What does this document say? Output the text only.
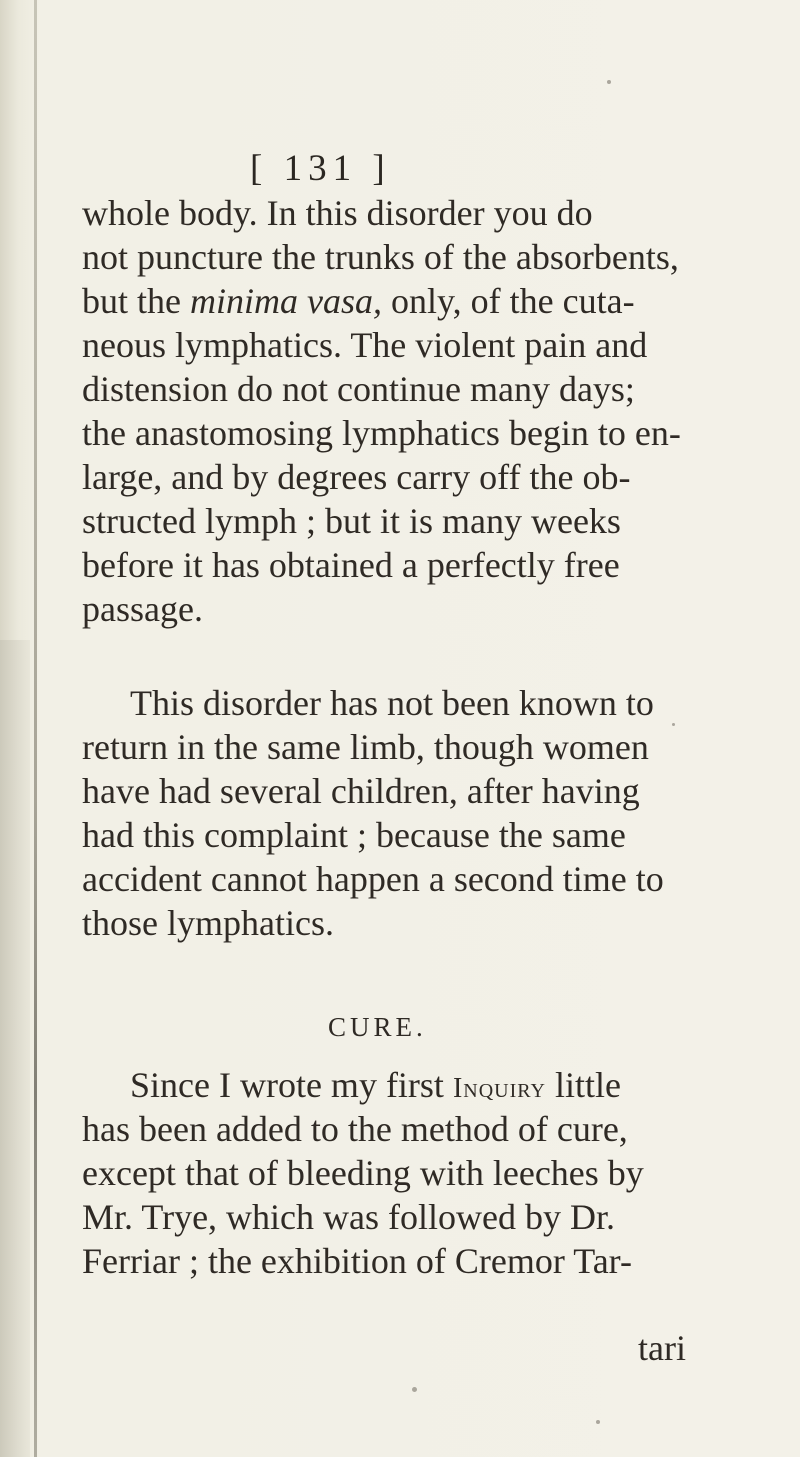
[ 131 ]
whole body. In this disorder you do
not puncture the trunks of the absorbents,
but the minima vasa, only, of the cuta-
neous lymphatics. The violent pain and
distension do not continue many days;
the anastomosing lymphatics begin to en-
large, and by degrees carry off the ob-
structed lymph ; but it is many weeks
before it has obtained a perfectly free
passage.
This disorder has not been known to
return in the same limb, though women
have had several children, after having
had this complaint ; because the same
accident cannot happen a second time to
those lymphatics.
CURE.
Since I wrote my first Inquiry little
has been added to the method of cure,
except that of bleeding with leeches by
Mr. Trye, which was followed by Dr.
Ferriar ; the exhibition of Cremor Tar-
tari
